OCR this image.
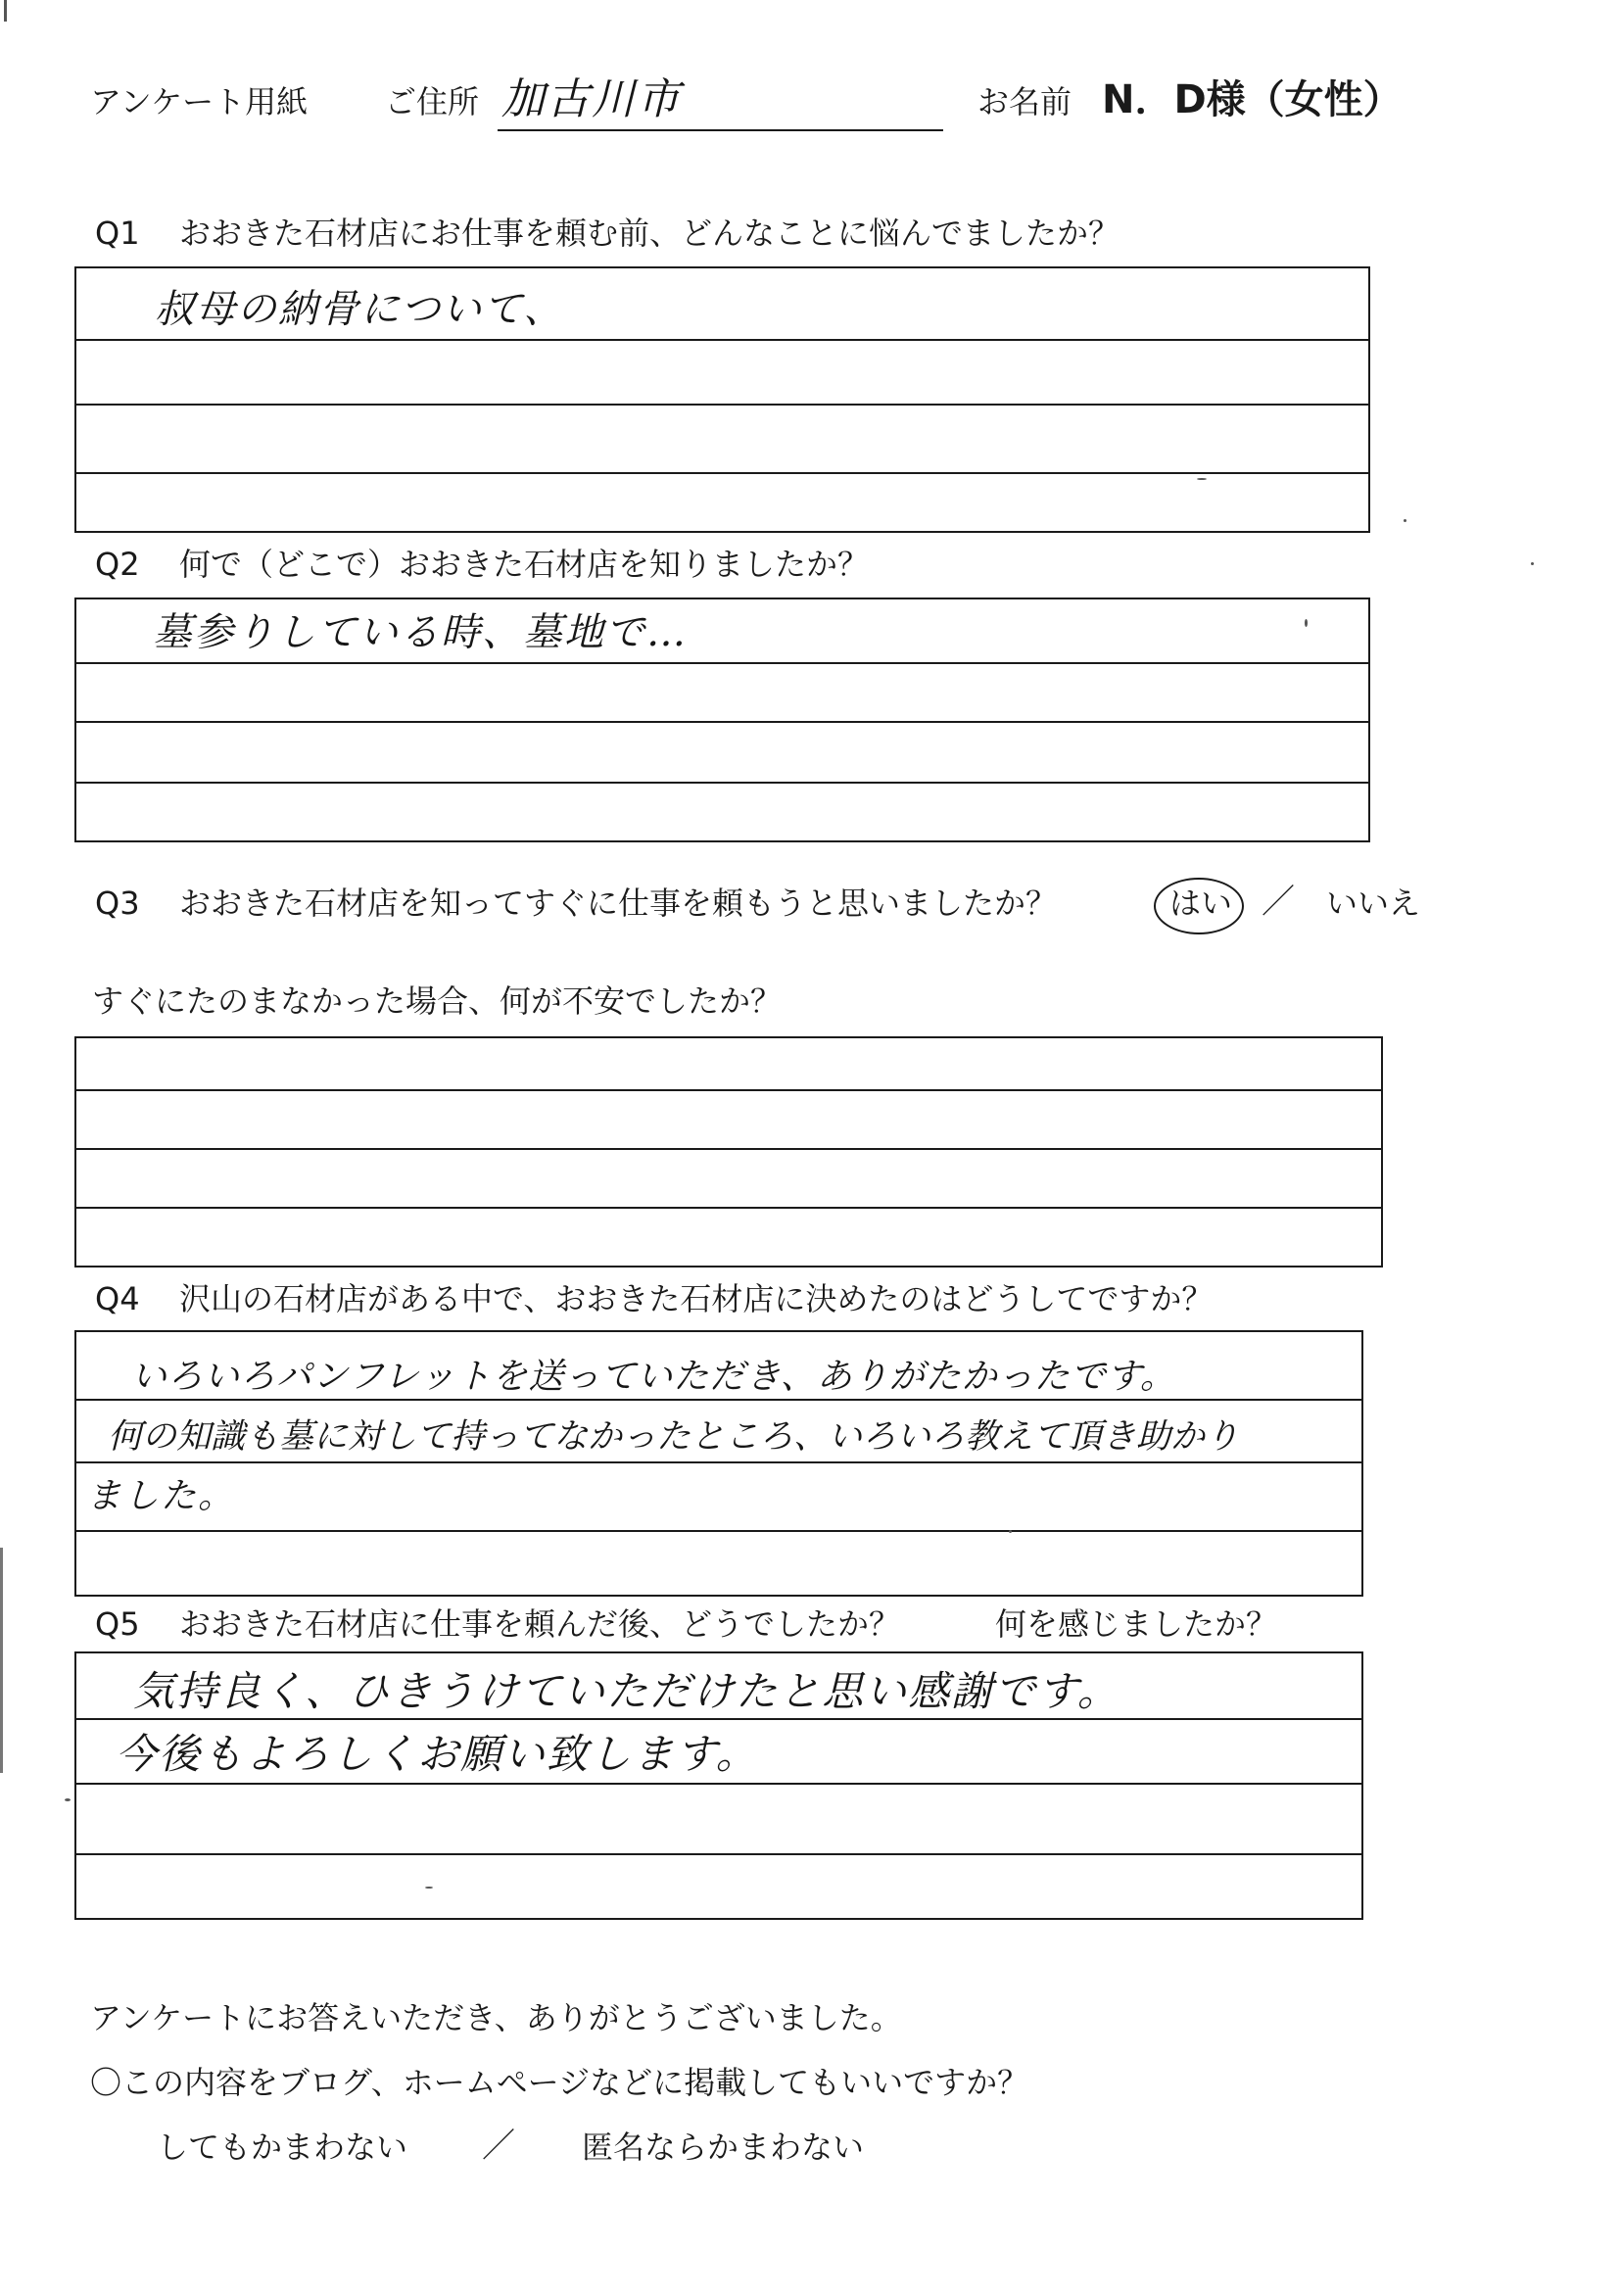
アンケート用紙 ご住所 加古川市	お名前 N．D様（女性）
Q1 おおきた石材店にお仕事を頼む前、どんなことに悩んでましたか？
叔母の納骨について、
Q2 何で（どこで）おおきた石材店を知りましたか？
墓参りしている時、墓地で…
Q3 おおきた石材店を知ってすぐに仕事を頼もうと思いましたか？	はい ／ いいえ
すぐにたのまなかった場合、何が不安でしたか？
Q4 沢山の石材店がある中で、おおきた石材店に決めたのはどうしてですか？
いろいろパンフレットを送っていただき、ありがたかったです。
何の知識も墓に対して持ってなかったところ、いろいろ教えて頂き助かり
ました。
Q5 おおきた石材店に仕事を頼んだ後、どうでしたか？	何を感じましたか？
気持良く、ひきうけていただけたと思い感謝です。
今後もよろしくお願い致します。
アンケートにお答えいただき、ありがとうございました。
〇この内容をブログ、ホームページなどに掲載してもいいですか？
してもかまわない ／ 匿名ならかまわない
